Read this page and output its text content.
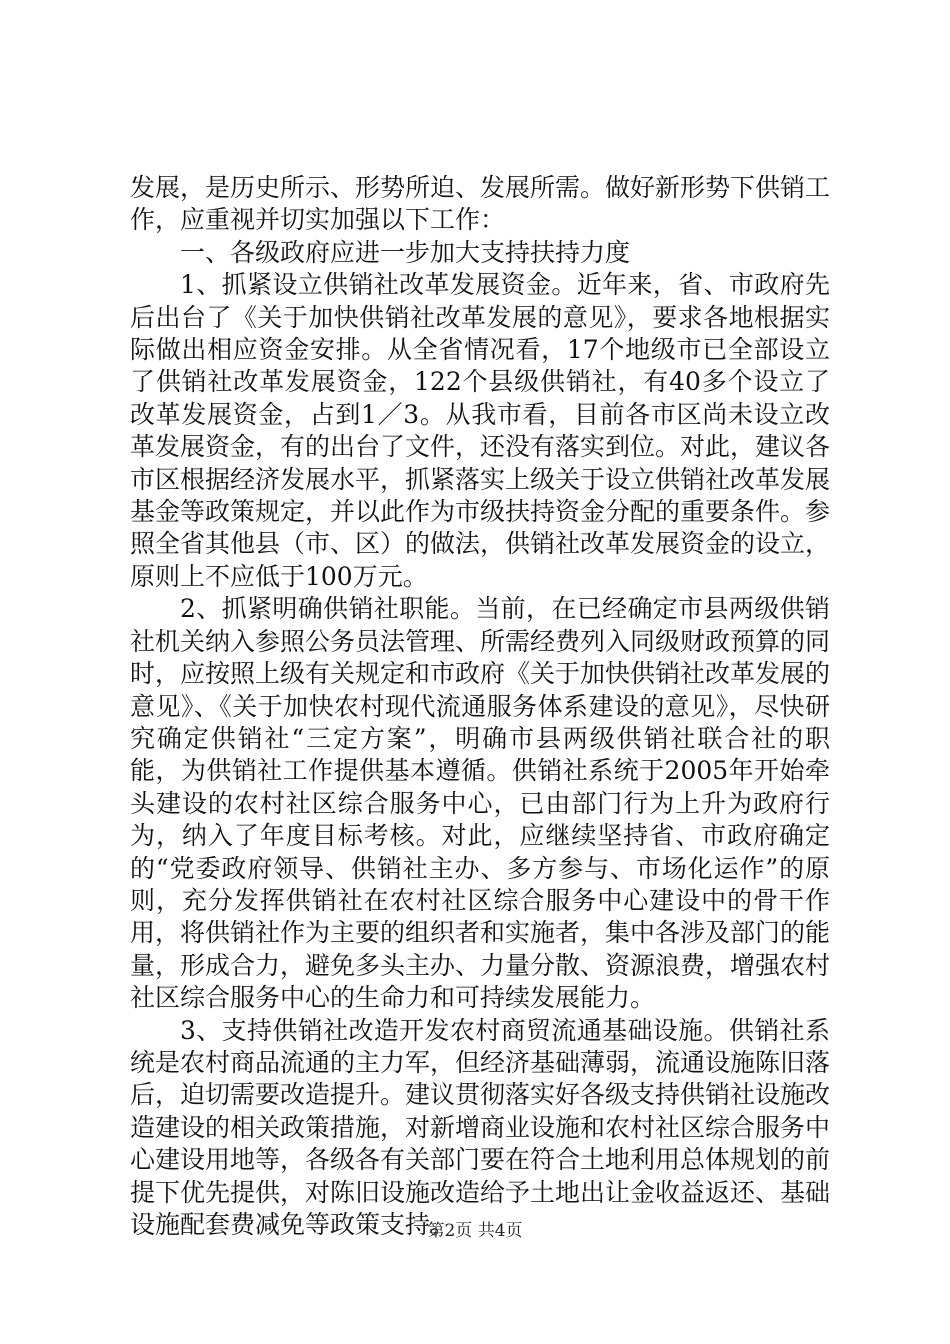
发展，是历史所示、形势所迫、发展所需。做好新形势下供销工作，应重视并切实加强以下工作：

一、各级政府应进一步加大支持扶持力度

1、抓紧设立供销社改革发展资金。近年来，省、市政府先后出台了《关于加快供销社改革发展的意见》，要求各地根据实际做出相应资金安排。从全省情况看，17个地级市已全部设立了供销社改革发展资金，122个县级供销社，有40多个设立了改革发展资金，占到1／3。从我市看，目前各市区尚未设立改革发展资金，有的出台了文件，还没有落实到位。对此，建议各市区根据经济发展水平，抓紧落实上级关于设立供销社改革发展基金等政策规定，并以此作为市级扶持资金分配的重要条件。参照全省其他县（市、区）的做法，供销社改革发展资金的设立，原则上不应低于100万元。

2、抓紧明确供销社职能。当前，在已经确定市县两级供销社机关纳入参照公务员法管理、所需经费列入同级财政预算的同时，应按照上级有关规定和市政府《关于加快供销社改革发展的意见》、《关于加快农村现代流通服务体系建设的意见》，尽快研究确定供销社“三定方案”，明确市县两级供销社联合社的职能，为供销社工作提供基本遵循。供销社系统于2005年开始牵头建设的农村社区综合服务中心，已由部门行为上升为政府行为，纳入了年度目标考核。对此，应继续坚持省、市政府确定的“党委政府领导、供销社主办、多方参与、市场化运作”的原则，充分发挥供销社在农村社区综合服务中心建设中的骨干作用，将供销社作为主要的组织者和实施者，集中各涉及部门的能量，形成合力，避免多头主办、力量分散、资源浪费，增强农村社区综合服务中心的生命力和可持续发展能力。

3、支持供销社改造开发农村商贸流通基础设施。供销社系统是农村商品流通的主力军，但经济基础薄弱，流通设施陈旧落后，迫切需要改造提升。建议贯彻落实好各级支持供销社设施改造建设的相关政策措施，对新增商业设施和农村社区综合服务中心建设用地等，各级各有关部门要在符合土地利用总体规划的前提下优先提供，对陈旧设施改造给予土地出让金收益返还、基础设施配套费减免等政策支持。

第2页 共4页
